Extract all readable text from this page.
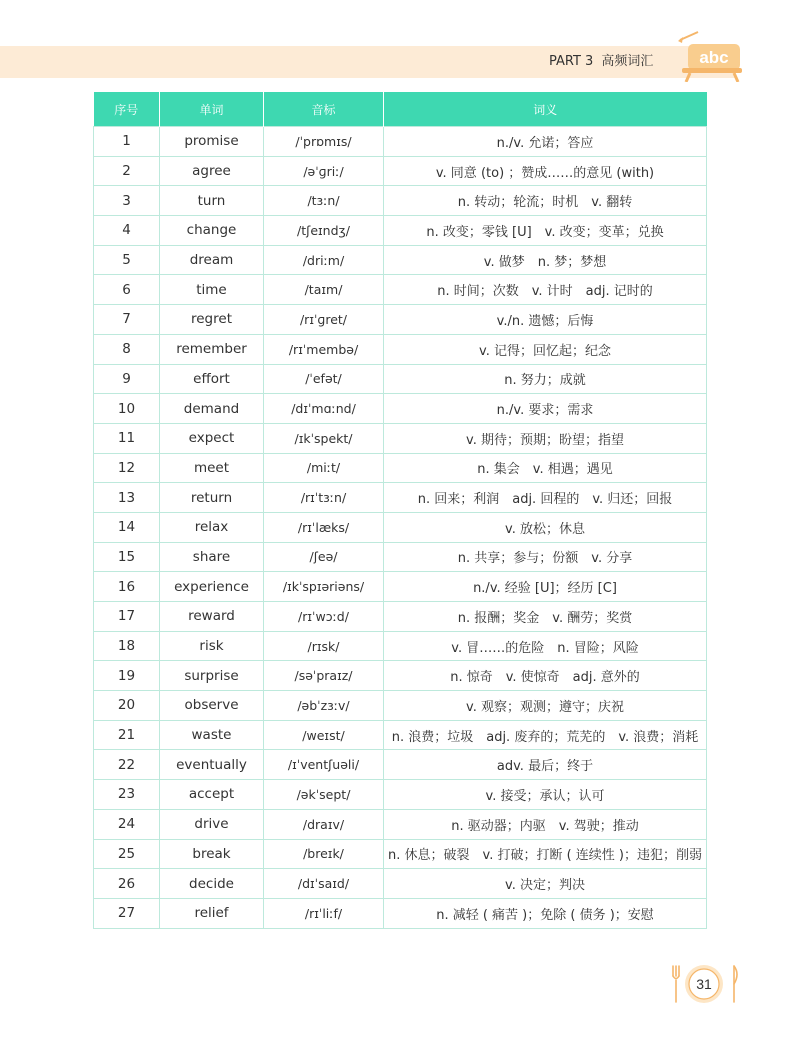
PART 3 高频词汇	abc
序号	单词	音标	词义
1	promise	/ˈprɒmɪs/	n./v. 允诺；答应
2	agree	/əˈɡriː/	v. 同意 (to) ；赞成……的意见 (with)
3	turn	/tɜːn/	n. 转动；轮流；时机　v. 翻转
4	change	/tʃeɪndʒ/	n. 改变；零钱 [U]　v. 改变；变革；兑换
5	dream	/driːm/	v. 做梦　n. 梦；梦想
6	time	/taɪm/	n. 时间；次数　v. 计时　adj. 记时的
7	regret	/rɪˈɡret/	v./n. 遗憾；后悔
8	remember	/rɪˈmembə/	v. 记得；回忆起；纪念
9	effort	/ˈefət/	n. 努力；成就
10	demand	/dɪˈmɑːnd/	n./v. 要求；需求
11	expect	/ɪkˈspekt/	v. 期待；预期；盼望；指望
12	meet	/miːt/	n. 集会　v. 相遇；遇见
13	return	/rɪˈtɜːn/	n. 回来；利润　adj. 回程的　v. 归还；回报
14	relax	/rɪˈlæks/	v. 放松；休息
15	share	/ʃeə/	n. 共享；参与；份额　v. 分享
16	experience	/ɪkˈspɪəriəns/	n./v. 经验 [U]；经历 [C]
17	reward	/rɪˈwɔːd/	n. 报酬；奖金　v. 酬劳；奖赏
18	risk	/rɪsk/	v. 冒……的危险　n. 冒险；风险
19	surprise	/səˈpraɪz/	n. 惊奇　v. 使惊奇　adj. 意外的
20	observe	/əbˈzɜːv/	v. 观察；观测；遵守；庆祝
21	waste	/weɪst/	n. 浪费；垃圾　adj. 废弃的；荒芜的　v. 浪费；消耗
22	eventually	/ɪˈventʃuəli/	adv. 最后；终于
23	accept	/əkˈsept/	v. 接受；承认；认可
24	drive	/draɪv/	n. 驱动器；内驱　v. 驾驶；推动
25	break	/breɪk/	n. 休息；破裂　v. 打破；打断 ( 连续性 )；违犯；削弱
26	decide	/dɪˈsaɪd/	v. 决定；判决
27	relief	/rɪˈliːf/	n. 减轻 ( 痛苦 )；免除 ( 债务 )；安慰
31
